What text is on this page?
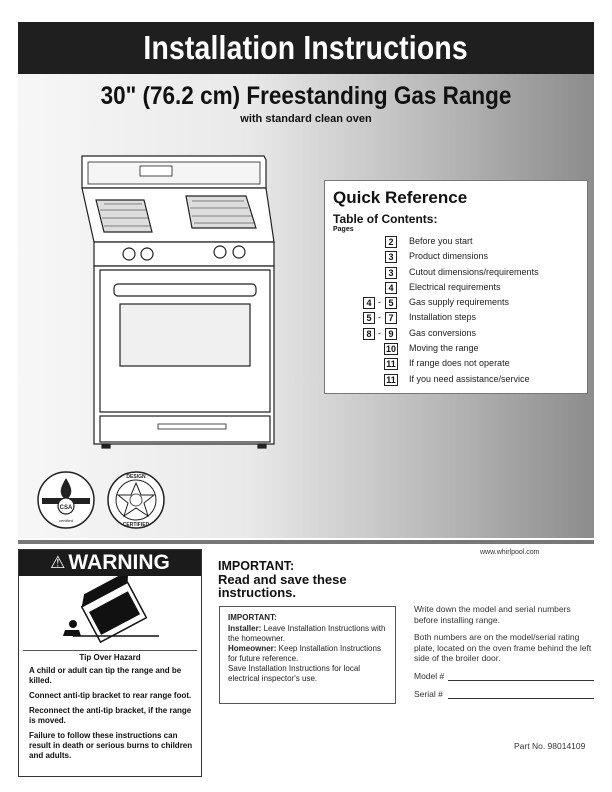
Installation Instructions
30" (76.2 cm) Freestanding Gas Range
with standard clean oven
Quick Reference
Table of Contents:
Pages
2	Before you start
3	Product dimensions
3	Cutout dimensions/requirements
4	Electrical requirements
4 - 5	Gas supply requirements
5 - 7	Installation steps
8 - 9	Gas conversions
10 Moving the range
11 If range does not operate
11 If you need assistance/service
CSA
certified
DESIGN
CERTIFIED
⚠ WARNING
Tip Over Hazard

A child or adult can tip the range and be killed.

Connect anti-tip bracket to rear range foot.

Reconnect the anti-tip bracket, if the range is moved.

Failure to follow these instructions can result in death or serious burns to children and adults.

IMPORTANT:
Read and save these
instructions.
IMPORTANT:
Installer: Leave Installation Instructions with the homeowner.
Homeowner: Keep Installation Instructions for future reference.
Save Installation Instructions for local electrical inspector's use.
www.whirlpool.com

Write down the model and serial numbers before installing range.

Both numbers are on the model/serial rating plate, located on the oven frame behind the left side of the broiler door.

Model #
Serial #
Part No. 98014109
